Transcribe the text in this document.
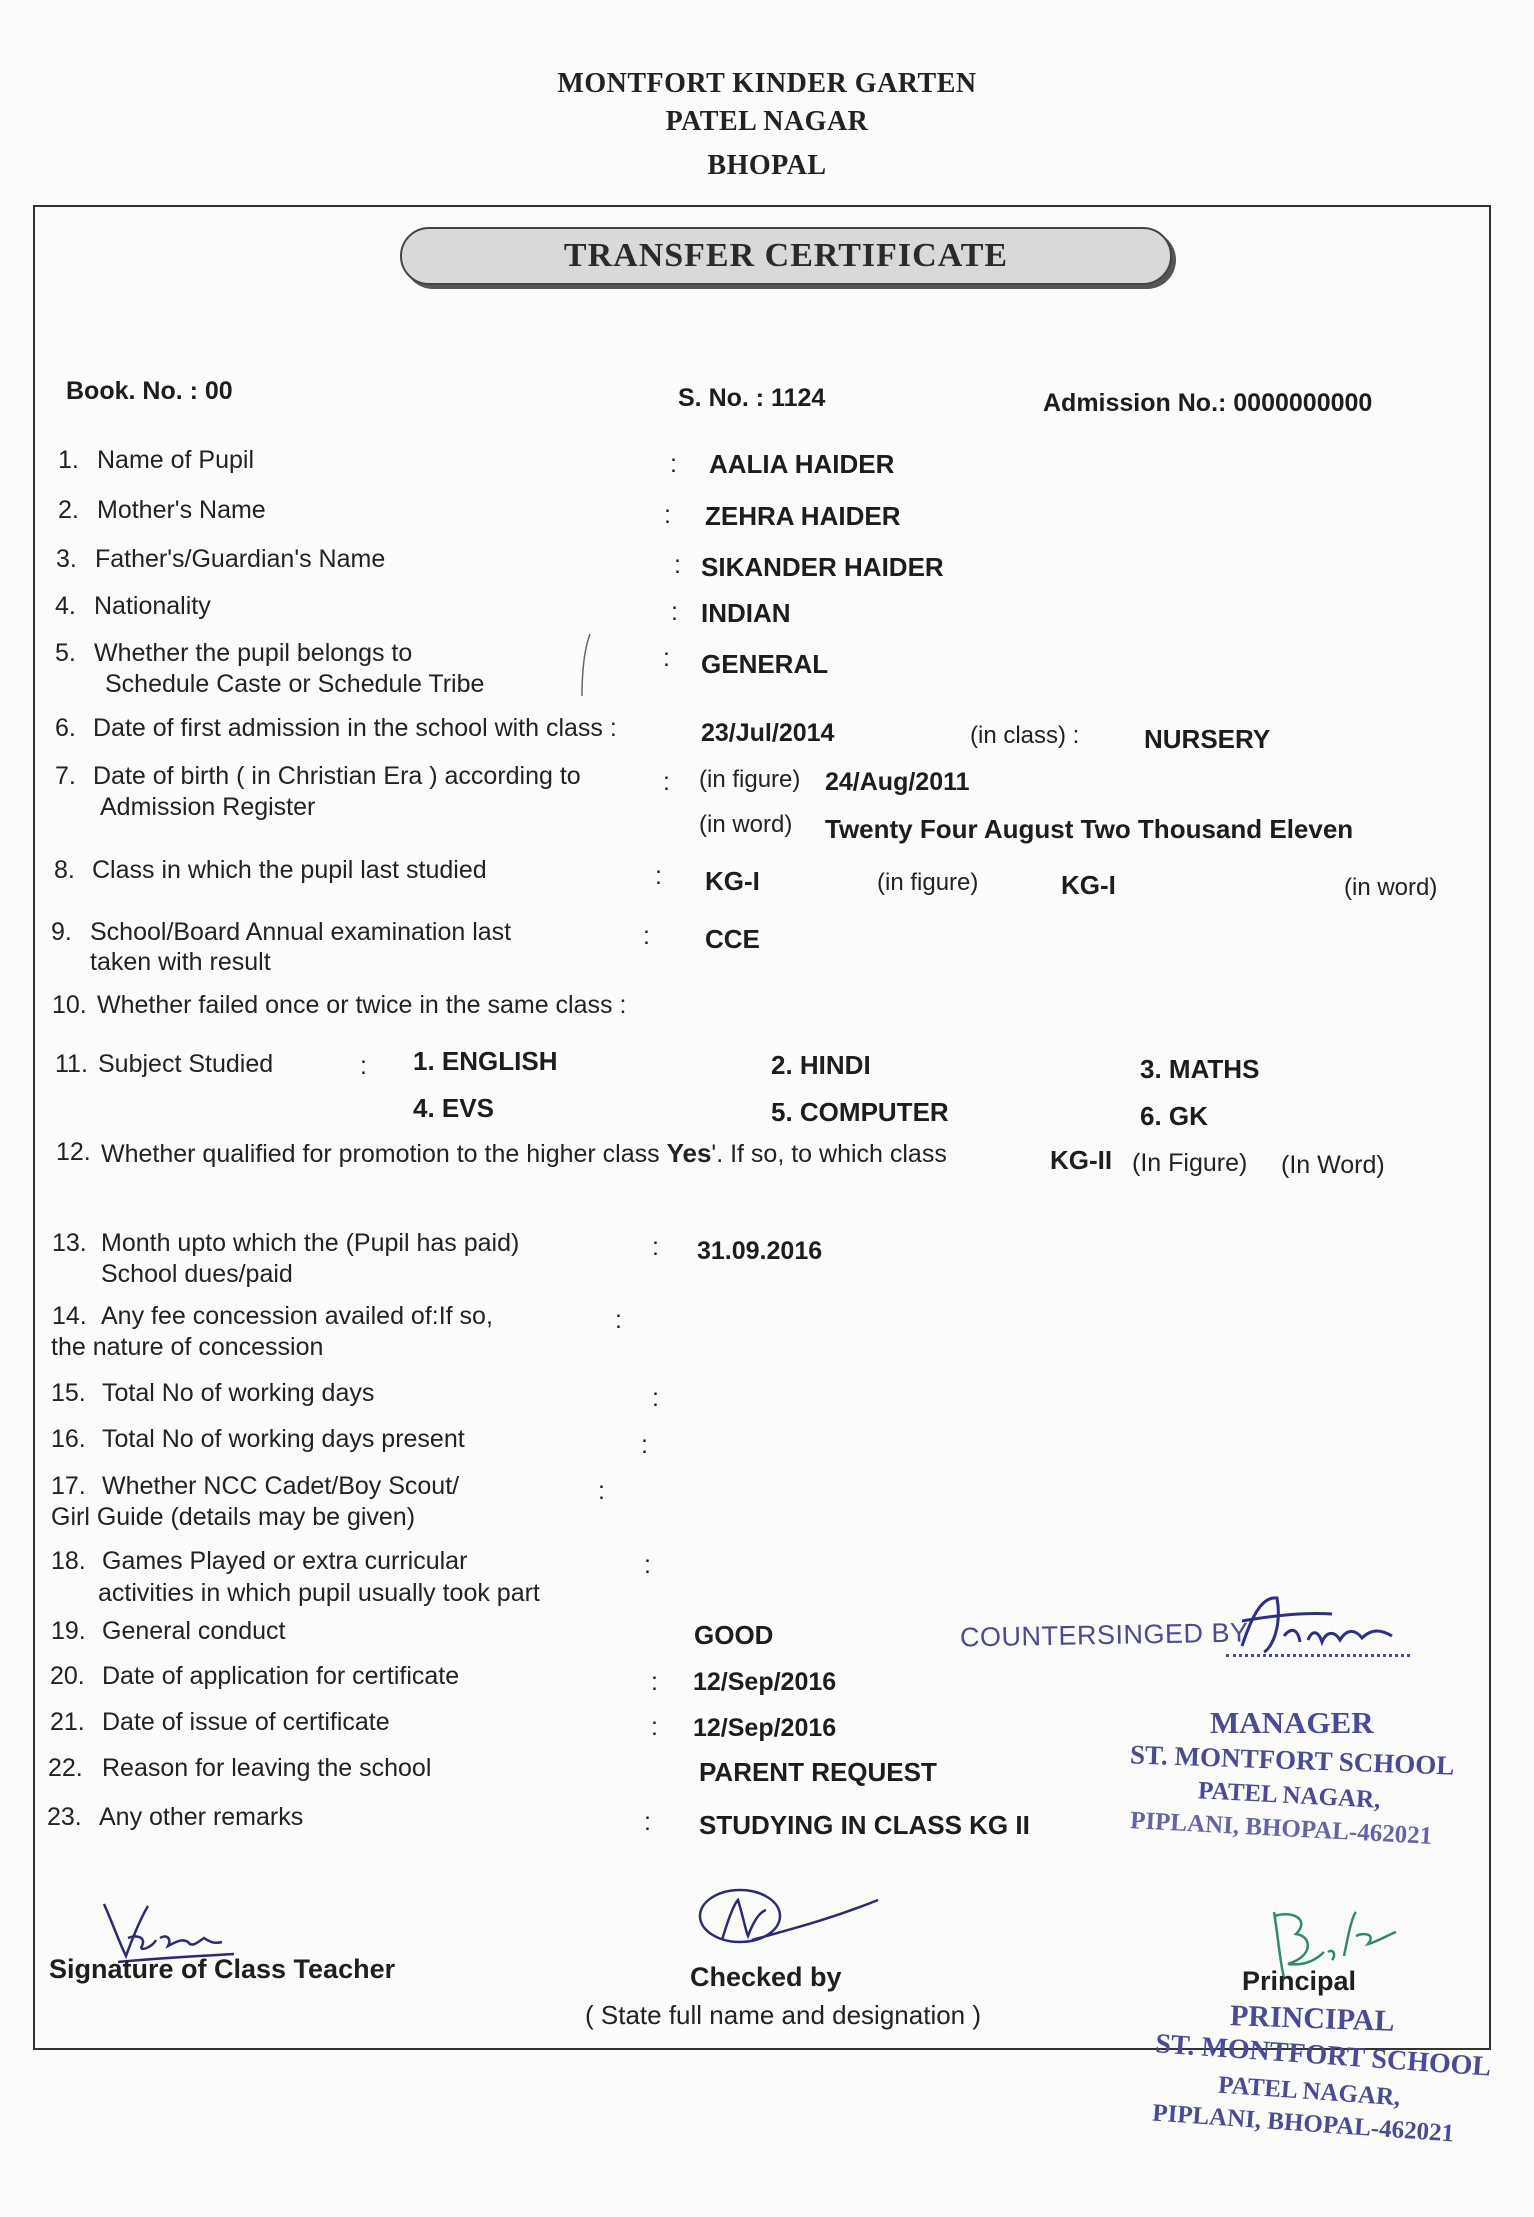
MONTFORT KINDER GARTEN
PATEL NAGAR
BHOPAL
TRANSFER CERTIFICATE
Book. No. : 00	S. No. : 1124	Admission No.: 0000000000
1. Name of Pupil	: AALIA HAIDER
2. Mother's Name	: ZEHRA HAIDER
3. Father's/Guardian's Name	: SIKANDER HAIDER
4. Nationality	: INDIAN
5. Whether the pupil belongs to
Schedule Caste or Schedule Tribe
: GENERAL
6. Date of first admission in the school with class :	23/Jul/2014	(in class) : NURSERY
7. Date of birth ( in Christian Era ) according to
Admission Register
: (in figure) 24/Aug/2011
(in word) Twenty Four August Two Thousand Eleven
8. Class in which the pupil last studied	: KG-I	(in figure)	KG-I	(in word)
9. School/Board Annual examination last
taken with result
: CCE
10. Whether failed once or twice in the same class :
11. Subject Studied	: 1. ENGLISH	2. HINDI	3. MATHS
4. EVS	5. COMPUTER	6. GK
12. Whether qualified for promotion to the higher class Yes'. If so, to which class	KG-II (In Figure) (In Word)
13. Month upto which the (Pupil has paid)
School dues/paid
: 31.09.2016
14. Any fee concession availed of:If so,
the nature of concession
:
15. Total No of working days	:
16. Total No of working days present	:
17. Whether NCC Cadet/Boy Scout/
Girl Guide (details may be given)
:
18. Games Played or extra curricular
activities in which pupil usually took part
:
19. General conduct	GOOD
20. Date of application for certificate	: 12/Sep/2016
21. Date of issue of certificate	: 12/Sep/2016
22. Reason for leaving the school	PARENT REQUEST
23. Any other remarks	: STUDYING IN CLASS KG II
COUNTERSINGED BY
MANAGER
ST. MONTFORT SCHOOL
PATEL NAGAR,
PIPLANI, BHOPAL-462021
Signature of Class Teacher	Checked by
( State full name and designation )
Principal
PRINCIPAL
ST. MONTFORT SCHOOL
PATEL NAGAR,
PIPLANI, BHOPAL-462021
